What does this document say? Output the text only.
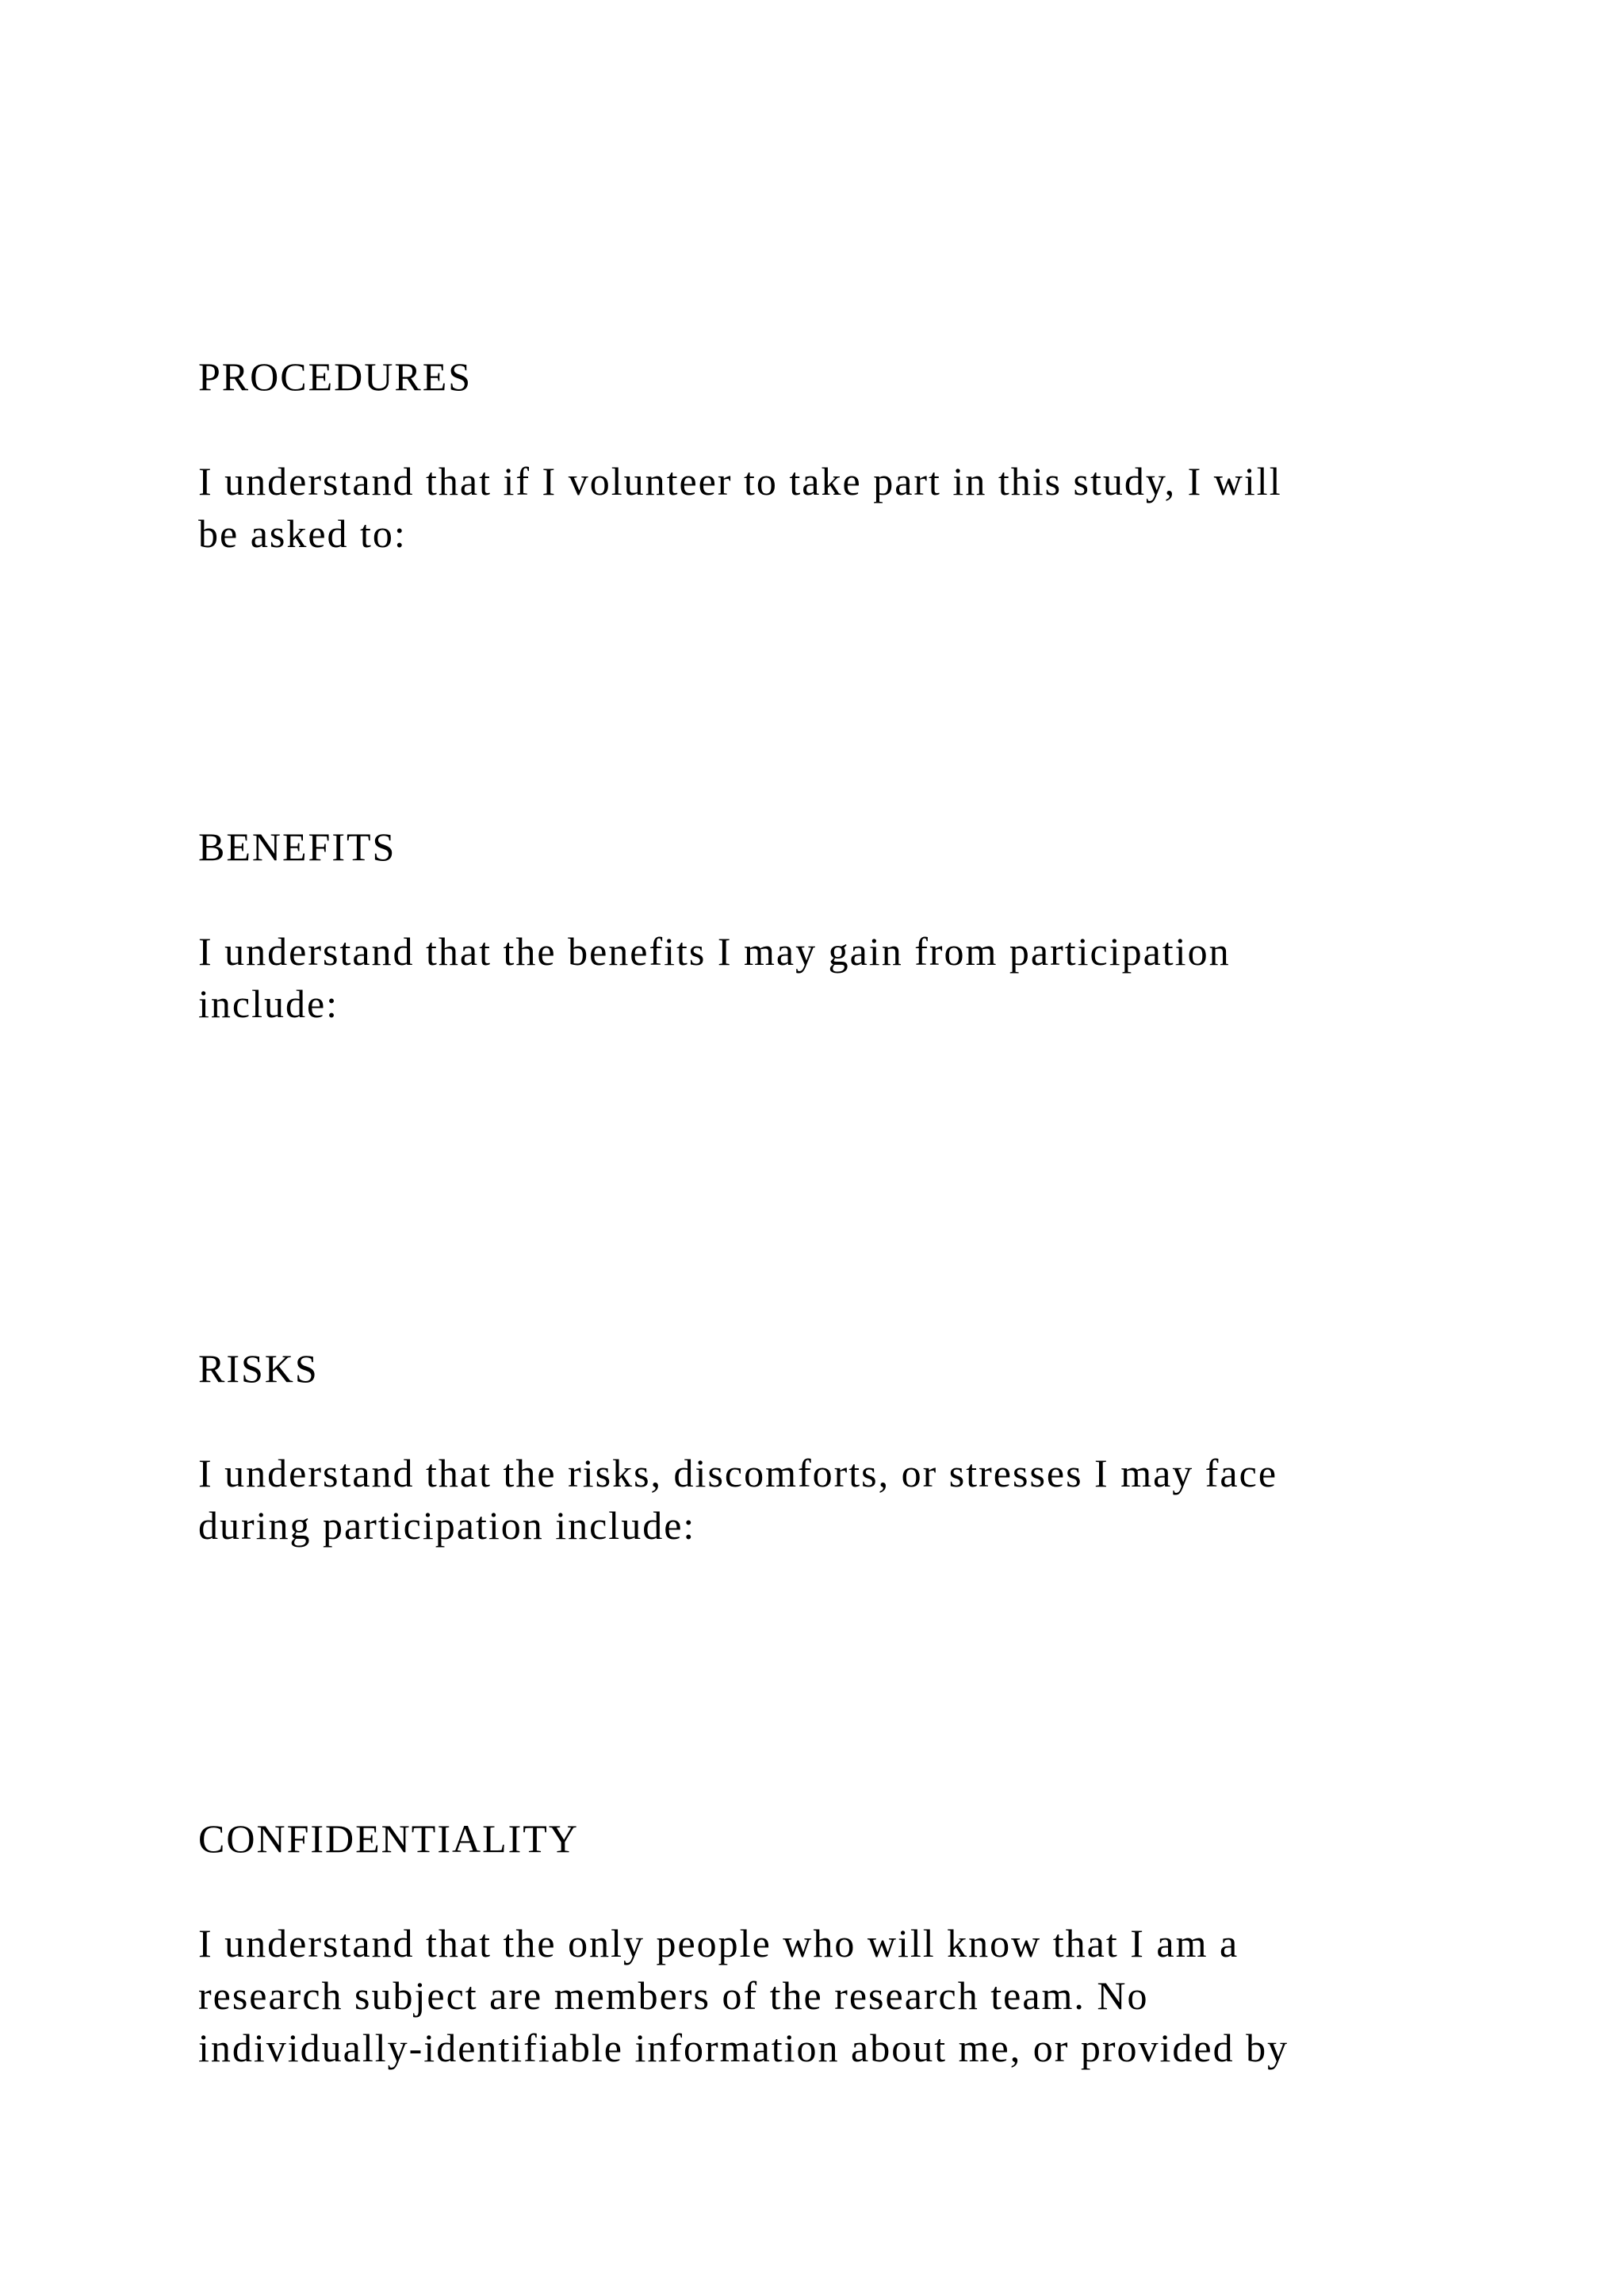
PROCEDURES
I understand that if I volunteer to take part in this study, I will
be asked to:
BENEFITS
I understand that the benefits I may gain from participation
include:
RISKS
I understand that the risks, discomforts, or stresses I may face
during participation include:
CONFIDENTIALITY
I understand that the only people who will know that I am a
research subject are members of the research team. No
individually-identifiable information about me, or provided by
